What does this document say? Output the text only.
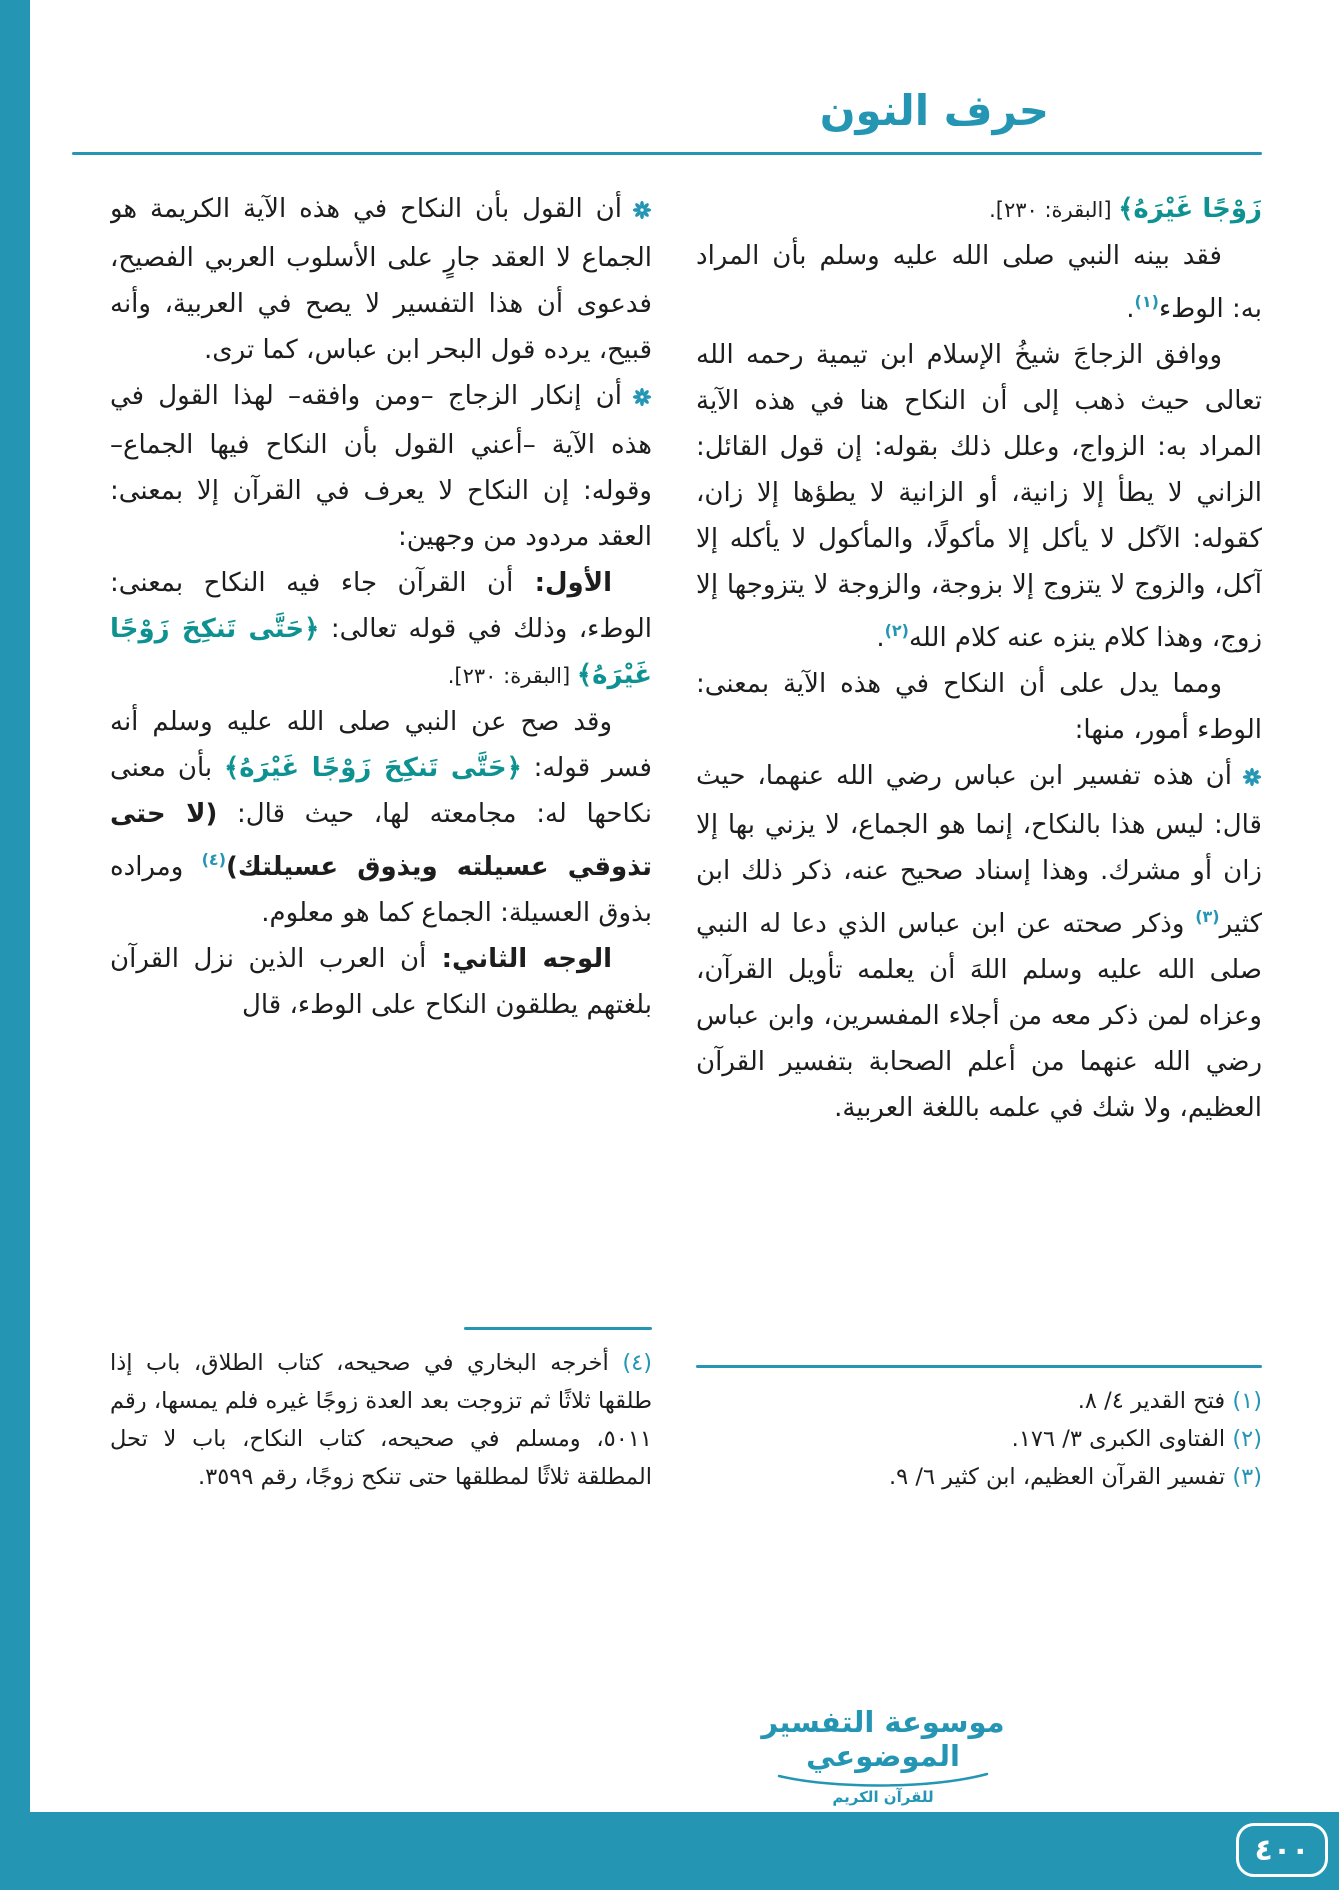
حرف النون

زَوْجًا غَيْرَهُ﴾ [البقرة: ٢٣٠].

فقد بينه النبي صلى الله عليه وسلم بأن المراد به: الوطء$^{(١)}$.

ووافق الزجاجَ شيخُ الإسلام ابن تيمية رحمه الله تعالى حيث ذهب إلى أن النكاح هنا في هذه الآية المراد به: الزواج، وعلل ذلك بقوله: إن قول القائل: الزاني لا يطأ إلا زانية، أو الزانية لا يطؤها إلا زان، كقوله: الآكل لا يأكل إلا مأكولًا، والمأكول لا يأكله إلا آكل، والزوج لا يتزوج إلا بزوجة، والزوجة لا يتزوجها إلا زوج، وهذا كلام ينزه عنه كلام الله$^{(٢)}$.

ومما يدل على أن النكاح في هذه الآية بمعنى: الوطء أمور، منها:

أن هذه تفسير ابن عباس رضي الله عنهما، حيث قال: ليس هذا بالنكاح، إنما هو الجماع، لا يزني بها إلا زان أو مشرك. وهذا إسناد صحيح عنه، ذكر ذلك ابن كثير$^{(٣)}$ وذكر صحته عن ابن عباس الذي دعا له النبي صلى الله عليه وسلم اللهَ أن يعلمه تأويل القرآن، وعزاه لمن ذكر معه من أجلاء المفسرين، وابن عباس رضي الله عنهما من أعلم الصحابة بتفسير القرآن العظيم، ولا شك في علمه باللغة العربية.

(١) فتح القدير ٤/ ٨.
(٢) الفتاوى الكبرى ٣/ ١٧٦.
(٣) تفسير القرآن العظيم، ابن كثير ٦/ ٩.

أن القول بأن النكاح في هذه الآية الكريمة هو الجماع لا العقد جارٍ على الأسلوب العربي الفصيح، فدعوى أن هذا التفسير لا يصح في العربية، وأنه قبيح، يرده قول البحر ابن عباس، كما ترى.

أن إنكار الزجاج –ومن وافقه– لهذا القول في هذه الآية –أعني القول بأن النكاح فيها الجماع– وقوله: إن النكاح لا يعرف في القرآن إلا بمعنى: العقد مردود من وجهين:

الأول: أن القرآن جاء فيه النكاح بمعنى: الوطء، وذلك في قوله تعالى: ﴿حَتَّى تَنكِحَ زَوْجًا غَيْرَهُ﴾ [البقرة: ٢٣٠].

وقد صح عن النبي صلى الله عليه وسلم أنه فسر قوله: ﴿حَتَّى تَنكِحَ زَوْجًا غَيْرَهُ﴾ بأن معنى نكاحها له: مجامعته لها، حيث قال: (لا حتى تذوقي عسيلته ويذوق عسيلتك)$^{(٤)}$ ومراده بذوق العسيلة: الجماع كما هو معلوم.

الوجه الثاني: أن العرب الذين نزل القرآن بلغتهم يطلقون النكاح على الوطء، قال

(٤) أخرجه البخاري في صحيحه، كتاب الطلاق، باب إذا طلقها ثلاثًا ثم تزوجت بعد العدة زوجًا غيره فلم يمسها، رقم ٥٠١١، ومسلم في صحيحه، كتاب النكاح، باب لا تحل المطلقة ثلاثًا لمطلقها حتى تنكح زوجًا، رقم ٣٥٩٩.
موسوعة التفسير الموضوعي
للقرآن الكريم
٤٠٠
